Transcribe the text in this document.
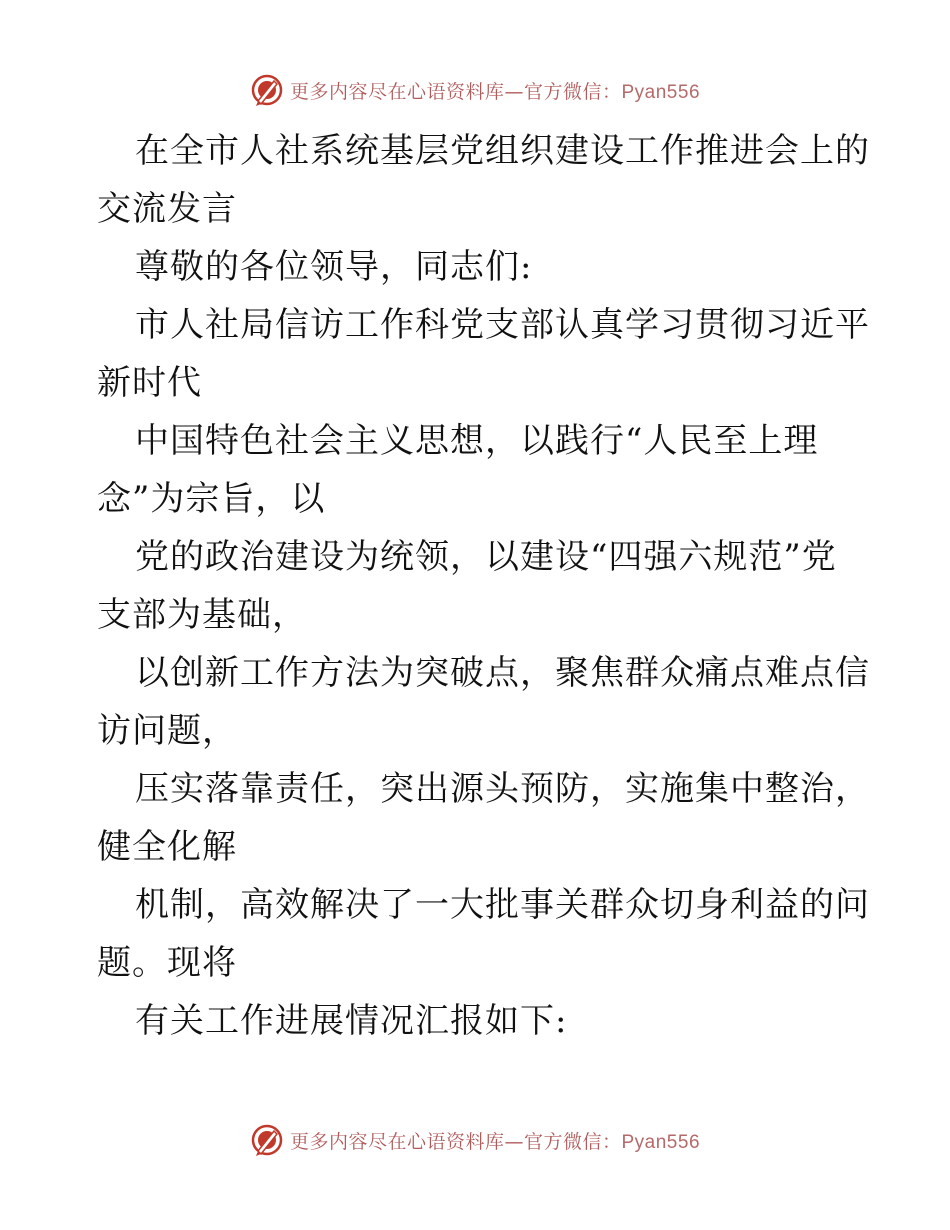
更多内容尽在心语资料库—官方微信：Pyan556
在全市人社系统基层党组织建设工作推进会上的
交流发言
尊敬的各位领导，同志们:
市人社局信访工作科党支部认真学习贯彻习近平
新时代
中国特色社会主义思想，以践行“人民至上理
念”为宗旨，以
党的政治建设为统领，以建设“四强六规范”党
支部为基础，
以创新工作方法为突破点，聚焦群众痛点难点信
访问题，
压实落靠责任，突出源头预防，实施集中整治，
健全化解
机制，高效解决了一大批事关群众切身利益的问
题。现将
有关工作进展情况汇报如下:
更多内容尽在心语资料库—官方微信：Pyan556
